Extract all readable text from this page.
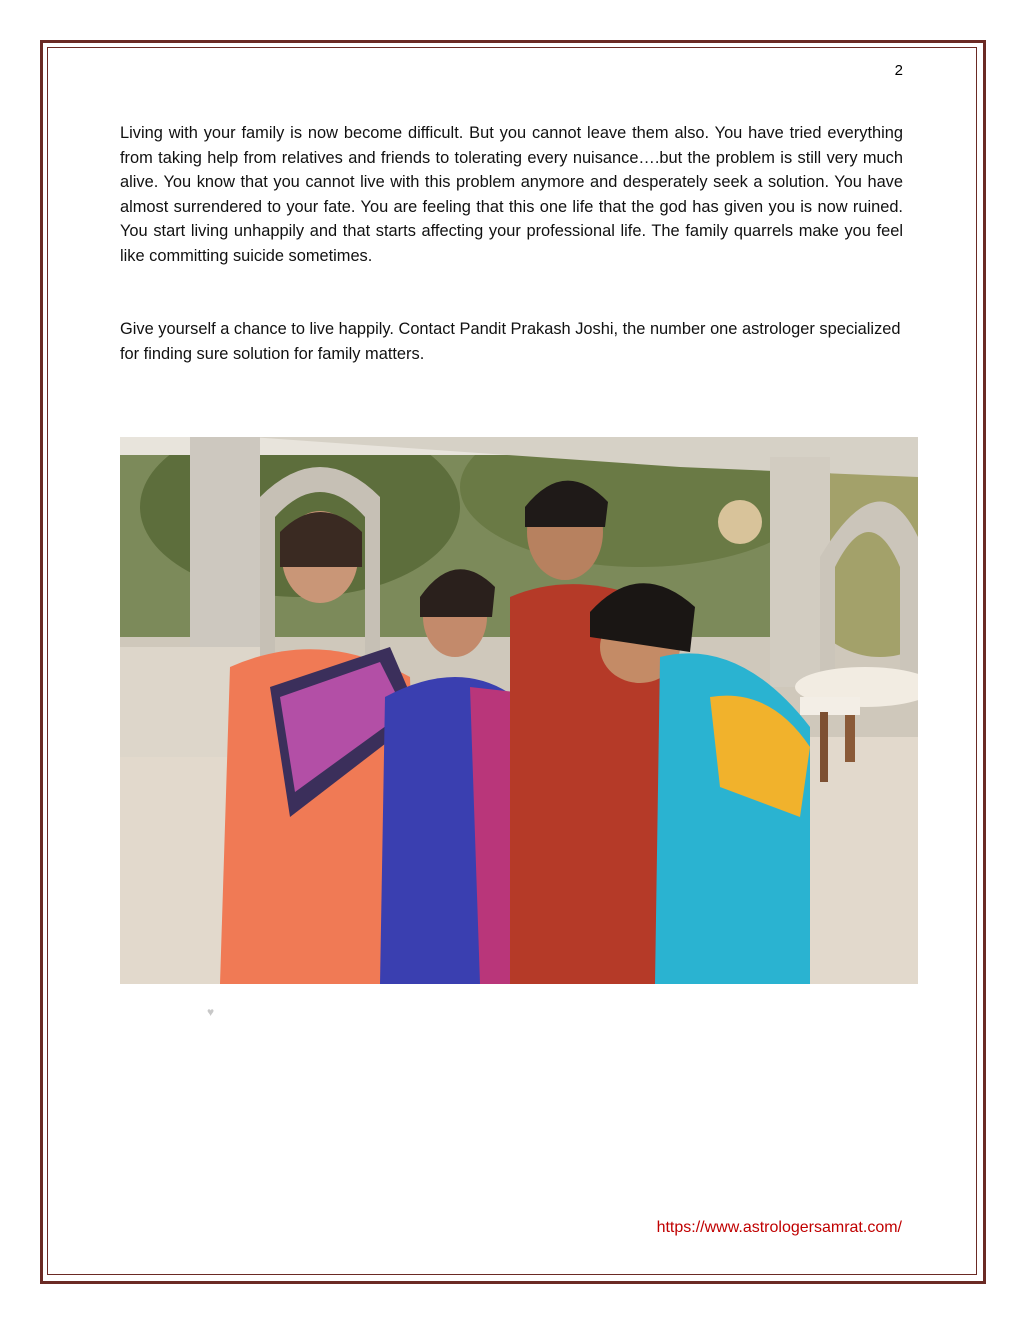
2

Living with your family is now become difficult. But you cannot leave them also. You have tried everything from taking help from relatives and friends to tolerating every nuisance….but the problem is still very much alive. You know that you cannot live with this problem anymore and desperately seek a solution. You have almost surrendered to your fate. You are feeling that this one life that the god has given you is now ruined. You start living unhappily and that starts affecting your professional life. The family quarrels make you feel like committing suicide sometimes.

Give yourself a chance to live happily. Contact Pandit Prakash Joshi, the number one astrologer specialized for finding sure solution for family matters.

♥
https://www.astrologersamrat.com/
